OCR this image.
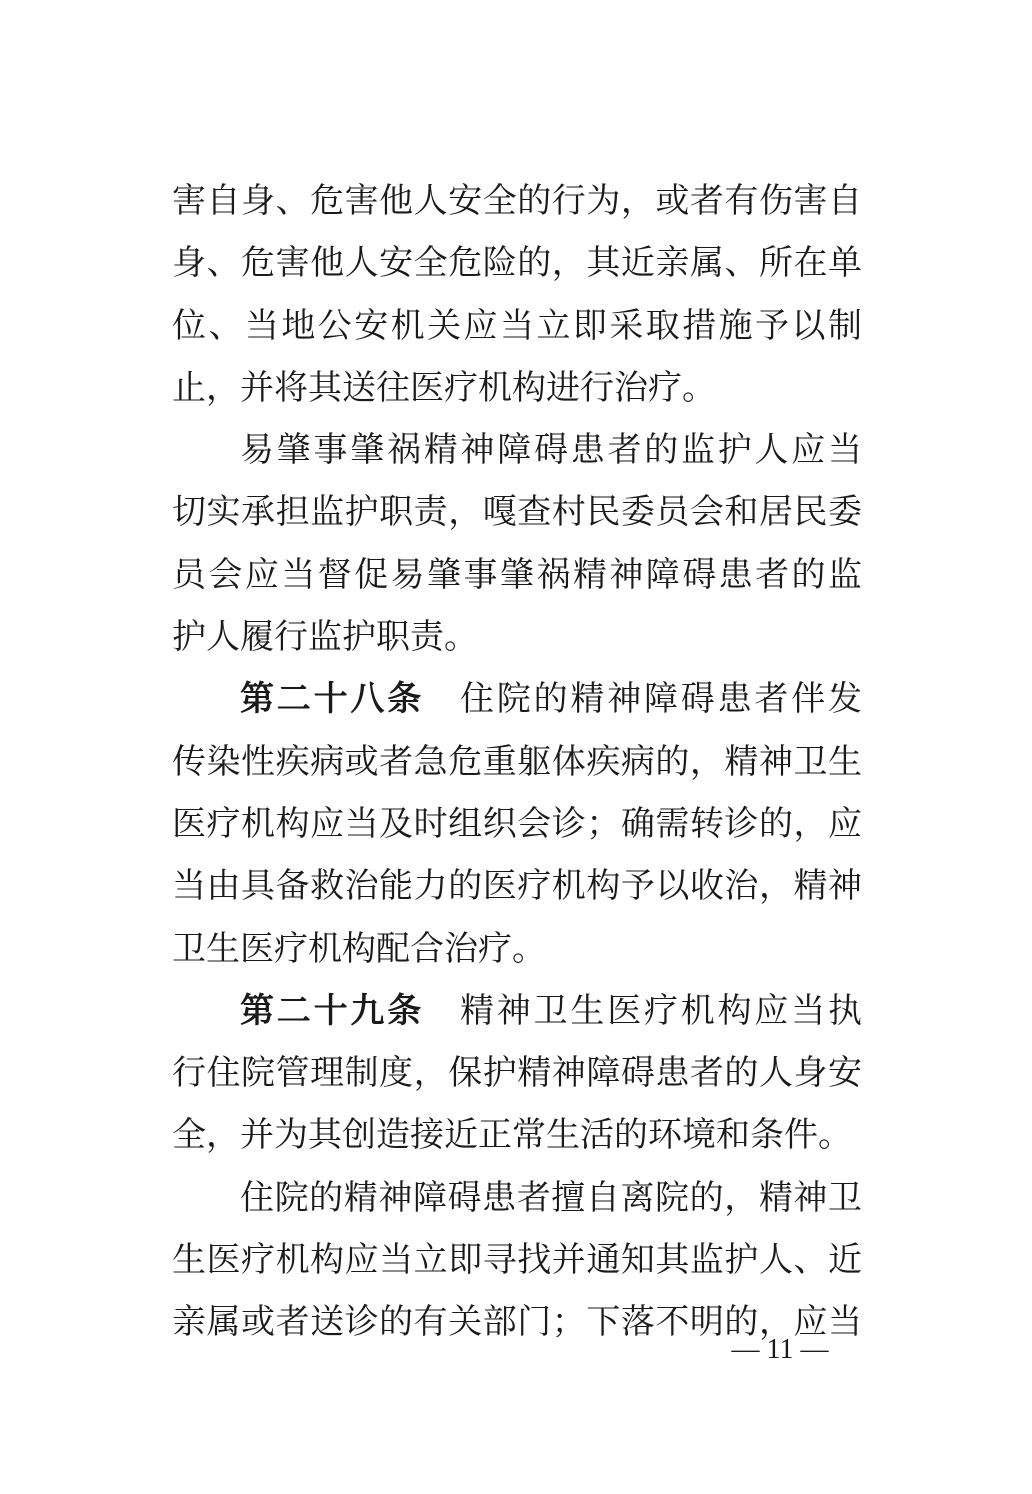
害自身、危害他人安全的行为，或者有伤害自
身、危害他人安全危险的，其近亲属、所在单
位、当地公安机关应当立即采取措施予以制
止，并将其送往医疗机构进行治疗。
易肇事肇祸精神障碍患者的监护人应当
切实承担监护职责，嘎查村民委员会和居民委
员会应当督促易肇事肇祸精神障碍患者的监
护人履行监护职责。
第二十八条 住院的精神障碍患者伴发
传染性疾病或者急危重躯体疾病的，精神卫生
医疗机构应当及时组织会诊；确需转诊的，应
当由具备救治能力的医疗机构予以收治，精神
卫生医疗机构配合治疗。
第二十九条 精神卫生医疗机构应当执
行住院管理制度，保护精神障碍患者的人身安
全，并为其创造接近正常生活的环境和条件。
住院的精神障碍患者擅自离院的，精神卫
生医疗机构应当立即寻找并通知其监护人、近
亲属或者送诊的有关部门；下落不明的，应当
— 11 —
